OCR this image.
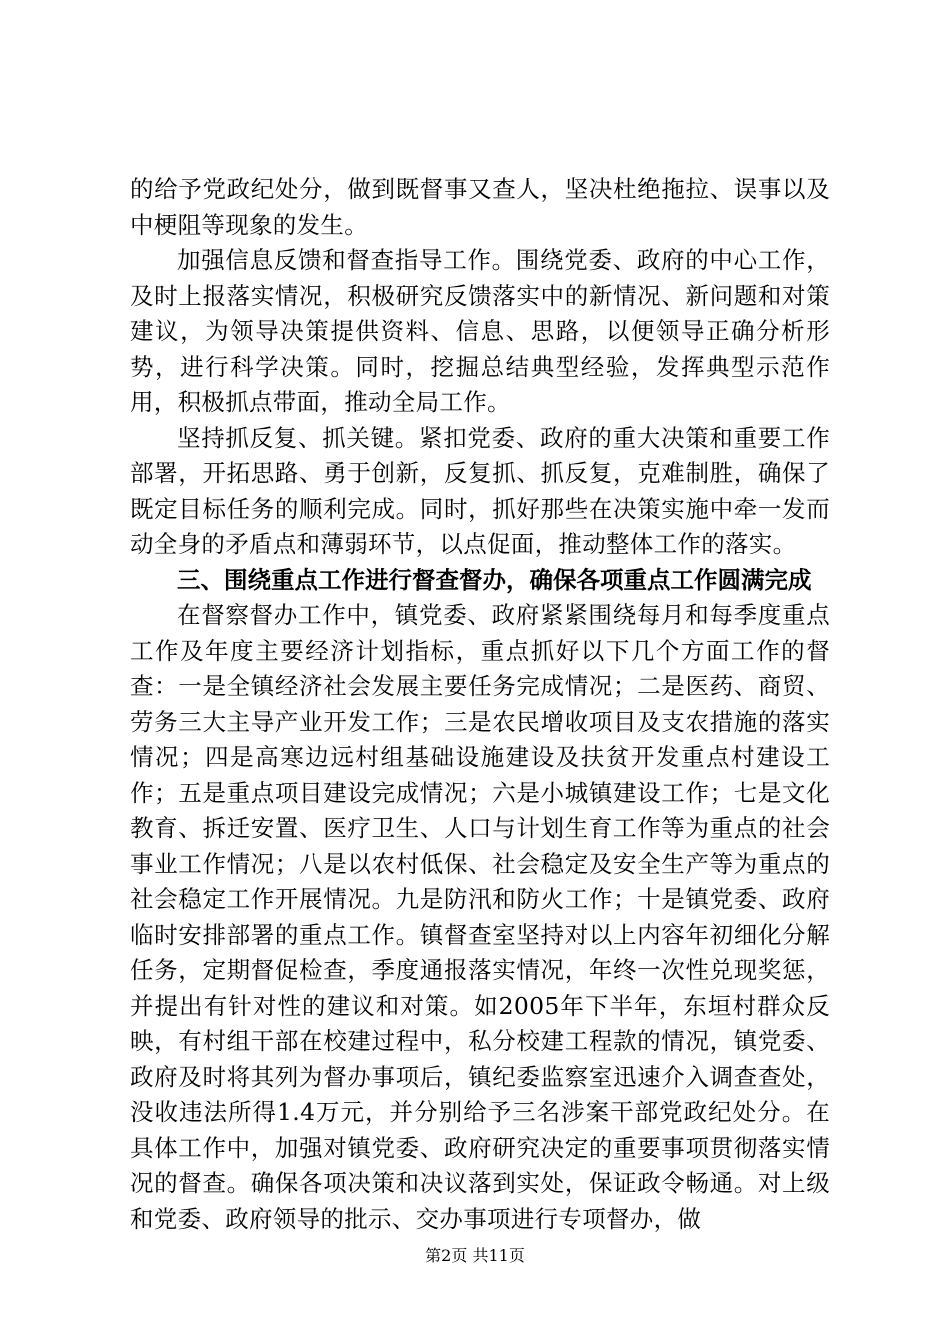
的给予党政纪处分，做到既督事又查人，坚决杜绝拖拉、误事以及中梗阻等现象的发生。

加强信息反馈和督查指导工作。围绕党委、政府的中心工作，及时上报落实情况，积极研究反馈落实中的新情况、新问题和对策建议，为领导决策提供资料、信息、思路，以便领导正确分析形势，进行科学决策。同时，挖掘总结典型经验，发挥典型示范作用，积极抓点带面，推动全局工作。

坚持抓反复、抓关键。紧扣党委、政府的重大决策和重要工作部署，开拓思路、勇于创新，反复抓、抓反复，克难制胜，确保了既定目标任务的顺利完成。同时，抓好那些在决策实施中牵一发而动全身的矛盾点和薄弱环节，以点促面，推动整体工作的落实。

三、围绕重点工作进行督查督办，确保各项重点工作圆满完成

在督察督办工作中，镇党委、政府紧紧围绕每月和每季度重点工作及年度主要经济计划指标，重点抓好以下几个方面工作的督查：一是全镇经济社会发展主要任务完成情况；二是医药、商贸、劳务三大主导产业开发工作；三是农民增收项目及支农措施的落实情况；四是高寒边远村组基础设施建设及扶贫开发重点村建设工作；五是重点项目建设完成情况；六是小城镇建设工作；七是文化教育、拆迁安置、医疗卫生、人口与计划生育工作等为重点的社会事业工作情况；八是以农村低保、社会稳定及安全生产等为重点的社会稳定工作开展情况。九是防汛和防火工作；十是镇党委、政府临时安排部署的重点工作。镇督查室坚持对以上内容年初细化分解任务，定期督促检查，季度通报落实情况，年终一次性兑现奖惩，并提出有针对性的建议和对策。如2005年下半年，东垣村群众反映，有村组干部在校建过程中，私分校建工程款的情况，镇党委、政府及时将其列为督办事项后，镇纪委监察室迅速介入调查查处，没收违法所得1.4万元，并分别给予三名涉案干部党政纪处分。在具体工作中，加强对镇党委、政府研究决定的重要事项贯彻落实情况的督查。确保各项决策和决议落到实处，保证政令畅通。对上级和党委、政府领导的批示、交办事项进行专项督办，做

第2页 共11页
